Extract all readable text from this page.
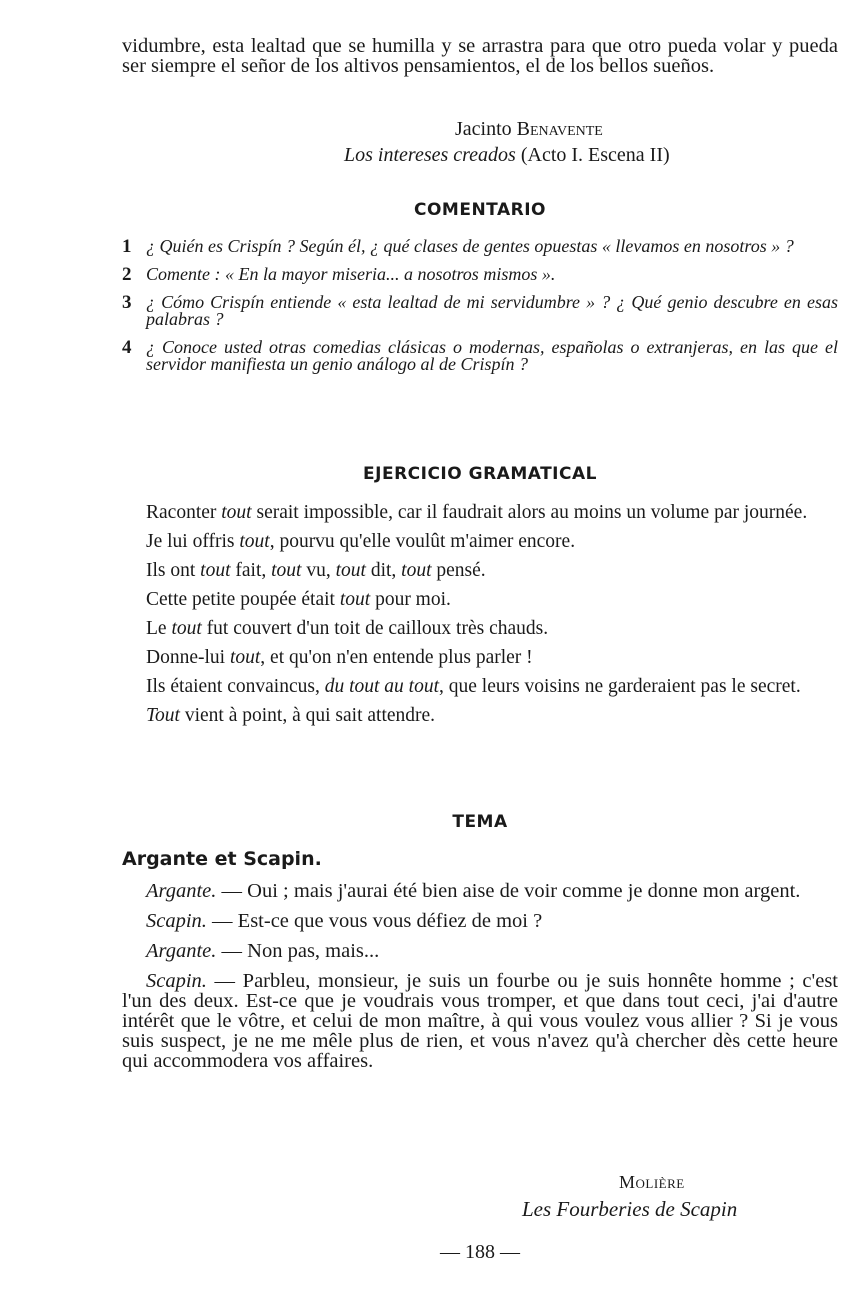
vidumbre, esta lealtad que se humilla y se arrastra para que otro pueda volar y pueda ser siempre el señor de los altivos pensamientos, el de los bellos sueños.

Jacinto Benavente
Los intereses creados (Acto I. Escena II)
COMENTARIO
1 ¿ Quién es Crispín ? Según él, ¿ qué clases de gentes opuestas « llevamos en nosotros » ?
2 Comente : « En la mayor miseria... a nosotros mismos ».
3 ¿ Cómo Crispín entiende « esta lealtad de mi servidumbre » ? ¿ Qué genio descubre en esas palabras ?
4 ¿ Conoce usted otras comedias clásicas o modernas, españolas o extranjeras, en las que el servidor manifiesta un genio análogo al de Crispín ?
EJERCICIO GRAMATICAL

Raconter tout serait impossible, car il faudrait alors au moins un volume par journée.

Je lui offris tout, pourvu qu'elle voulût m'aimer encore.

Ils ont tout fait, tout vu, tout dit, tout pensé.

Cette petite poupée était tout pour moi.

Le tout fut couvert d'un toit de cailloux très chauds.

Donne-lui tout, et qu'on n'en entende plus parler !

Ils étaient convaincus, du tout au tout, que leurs voisins ne garderaient pas le secret.

Tout vient à point, à qui sait attendre.

TEMA
Argante et Scapin.

Argante. — Oui ; mais j'aurai été bien aise de voir comme je donne mon argent.

Scapin. — Est-ce que vous vous défiez de moi ?

Argante. — Non pas, mais...

Scapin. — Parbleu, monsieur, je suis un fourbe ou je suis honnête homme ; c'est l'un des deux. Est-ce que je voudrais vous tromper, et que dans tout ceci, j'ai d'autre intérêt que le vôtre, et celui de mon maître, à qui vous voulez vous allier ? Si je vous suis suspect, je ne me mêle plus de rien, et vous n'avez qu'à chercher dès cette heure qui accommodera vos affaires.

Molière
Les Fourberies de Scapin
— 188 —
